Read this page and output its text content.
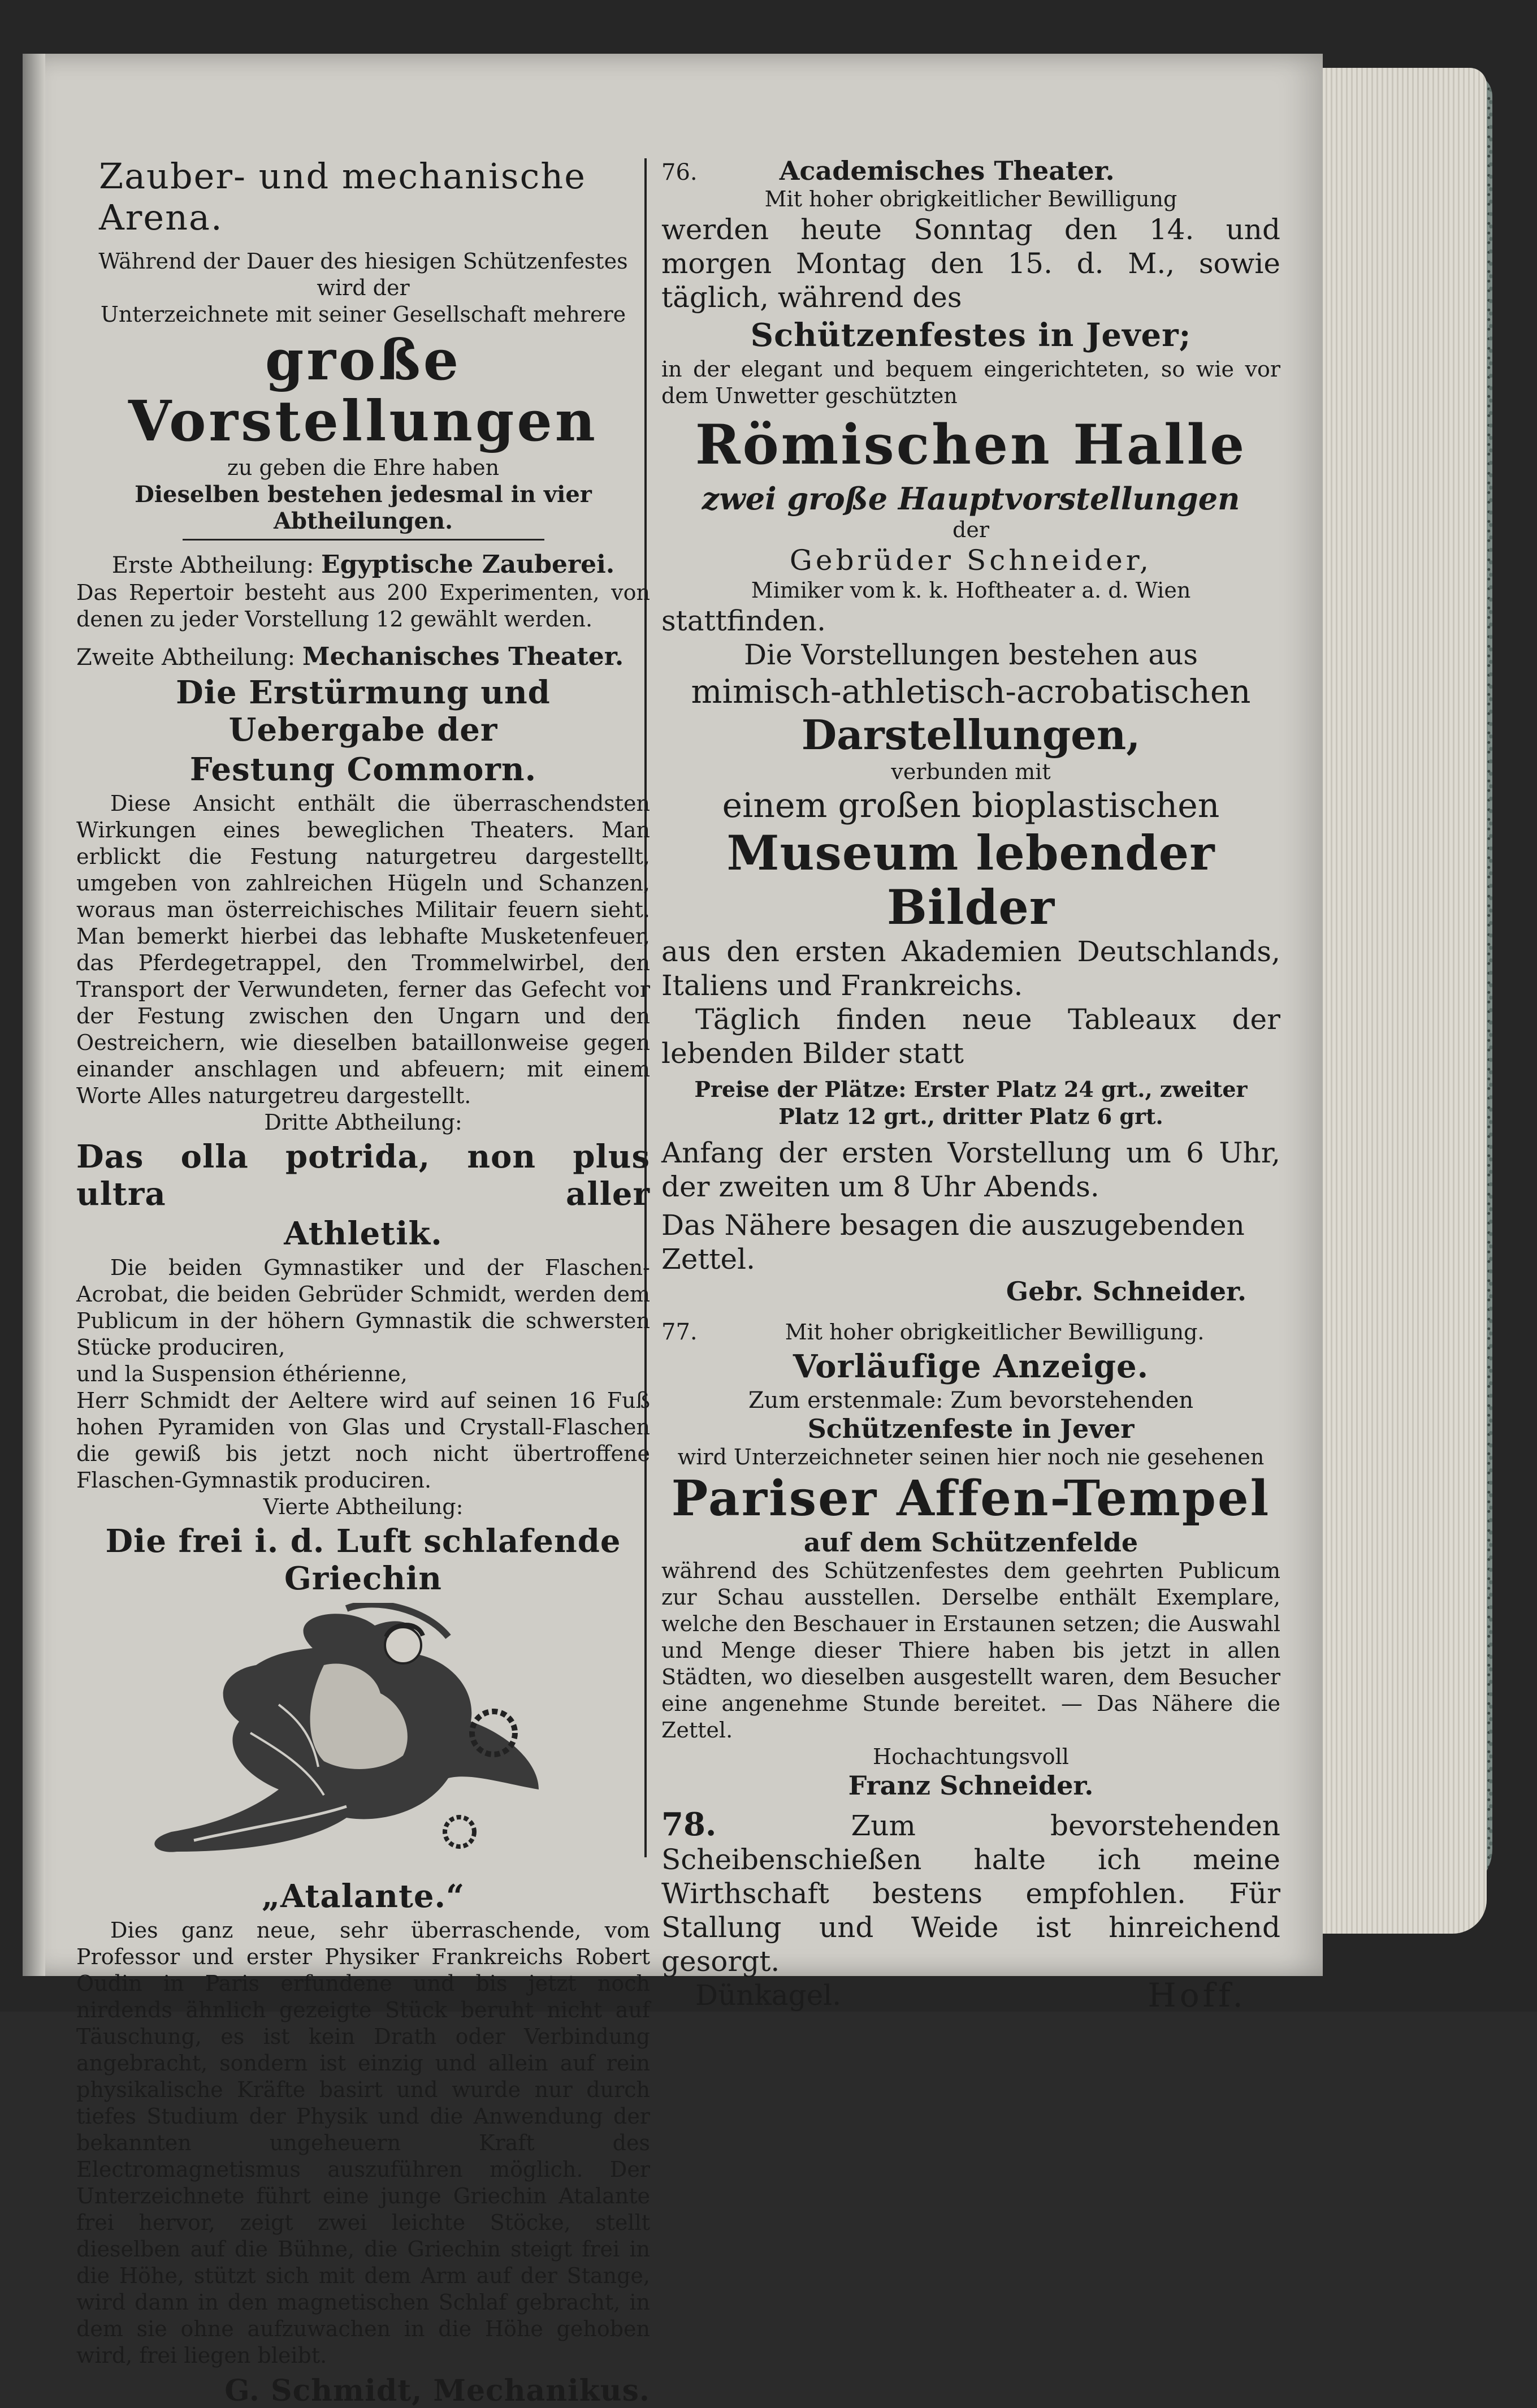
Zauber- und mechanische Arena.
Während der Dauer des hiesigen Schützenfestes wird der
Unterzeichnete mit seiner Gesellschaft mehrere
große Vorstellungen
zu geben die Ehre haben
Dieselben bestehen jedesmal in vier Abtheilungen.
Erste Abtheilung: Egyptische Zauberei.

Das Repertoir besteht aus 200 Experimenten, von denen zu jeder Vorstellung 12 gewählt werden.

Zweite Abtheilung: Mechanisches Theater.
Die Erstürmung und Uebergabe der
Festung Commorn.

Diese Ansicht enthält die überraschendsten Wirkungen eines beweglichen Theaters. Man erblickt die Festung naturgetreu dargestellt, umgeben von zahlreichen Hügeln und Schanzen, woraus man österreichisches Militair feuern sieht. Man bemerkt hierbei das lebhafte Musketenfeuer, das Pferdegetrappel, den Trommelwirbel, den Transport der Verwundeten, ferner das Gefecht vor der Festung zwischen den Ungarn und den Oestreichern, wie dieselben bataillonweise gegen einander anschlagen und abfeuern; mit einem Worte Alles naturgetreu dargestellt.

Dritte Abtheilung:
Das olla potrida, non plus ultra aller
Athletik.

Die beiden Gymnastiker und der Flaschen-Acrobat, die beiden Gebrüder Schmidt, werden dem Publicum in der höhern Gymnastik die schwersten Stücke produciren,

und la Suspension éthérienne,

Herr Schmidt der Aeltere wird auf seinen 16 Fuß hohen Pyramiden von Glas und Crystall-Flaschen die gewiß bis jetzt noch nicht übertroffene Flaschen-Gymnastik produciren.

Vierte Abtheilung:
Die frei i. d. Luft schlafende Griechin
„Atalante.“

Dies ganz neue, sehr überraschende, vom Professor und erster Physiker Frankreichs Robert Oudin in Paris erfundene und bis jetzt noch nirdends ähnlich gezeigte Stück beruht nicht auf Täuschung, es ist kein Drath oder Verbindung angebracht, sondern ist einzig und allein auf rein physikalische Kräfte basirt und wurde nur durch tiefes Studium der Physik und die Anwendung der bekannten ungeheuern Kraft des Electromagnetismus auszuführen möglich. Der Unterzeichnete führt eine junge Griechin Atalante frei hervor, zeigt zwei leichte Stöcke, stellt dieselben auf die Bühne, die Griechin steigt frei in die Höhe, stützt sich mit dem Arm auf der Stange, wird dann in den magnetischen Schlaf gebracht, in dem sie ohne aufzuwachen in die Höhe gehoben wird, frei liegen bleibt.

G. Schmidt, Mechanikus.
76.	Academisches Theater.
Mit hoher obrigkeitlicher Bewilligung

werden heute Sonntag den 14. und morgen Montag den 15. d. M., sowie täglich, während des

Schützenfestes in Jever;

in der elegant und bequem eingerichteten, so wie vor dem Unwetter geschützten

Römischen Halle
zwei große Hauptvorstellungen
der
Gebrüder Schneider,
Mimiker vom k. k. Hoftheater a. d. Wien
stattfinden.
Die Vorstellungen bestehen aus
mimisch-athletisch-acrobatischen
Darstellungen,
verbunden mit
einem großen bioplastischen
Museum lebender Bilder

aus den ersten Akademien Deutschlands, Italiens und Frankreichs.

Täglich finden neue Tableaux der lebenden Bilder statt

Preise der Plätze: Erster Platz 24 grt., zweiter Platz 12 grt., dritter Platz 6 grt.

Anfang der ersten Vorstellung um 6 Uhr, der zweiten um 8 Uhr Abends.

Das Nähere besagen die auszugebenden Zettel.

Gebr. Schneider.
77.	Mit hoher obrigkeitlicher Bewilligung.
Vorläufige Anzeige.
Zum erstenmale: Zum bevorstehenden
Schützenfeste in Jever
wird Unterzeichneter seinen hier noch nie gesehenen
Pariser Affen-Tempel
auf dem Schützenfelde

während des Schützenfestes dem geehrten Publicum zur Schau ausstellen. Derselbe enthält Exemplare, welche den Beschauer in Erstaunen setzen; die Auswahl und Menge dieser Thiere haben bis jetzt in allen Städten, wo dieselben ausgestellt waren, dem Besucher eine angenehme Stunde bereitet. — Das Nähere die Zettel.

Hochachtungsvoll
Franz Schneider.

78.	Zum bevorstehenden Scheibenschießen halte ich meine Wirthschaft bestens empfohlen. Für Stallung und Weide ist hinreichend gesorgt.

Dünkagel.	Hoff.
